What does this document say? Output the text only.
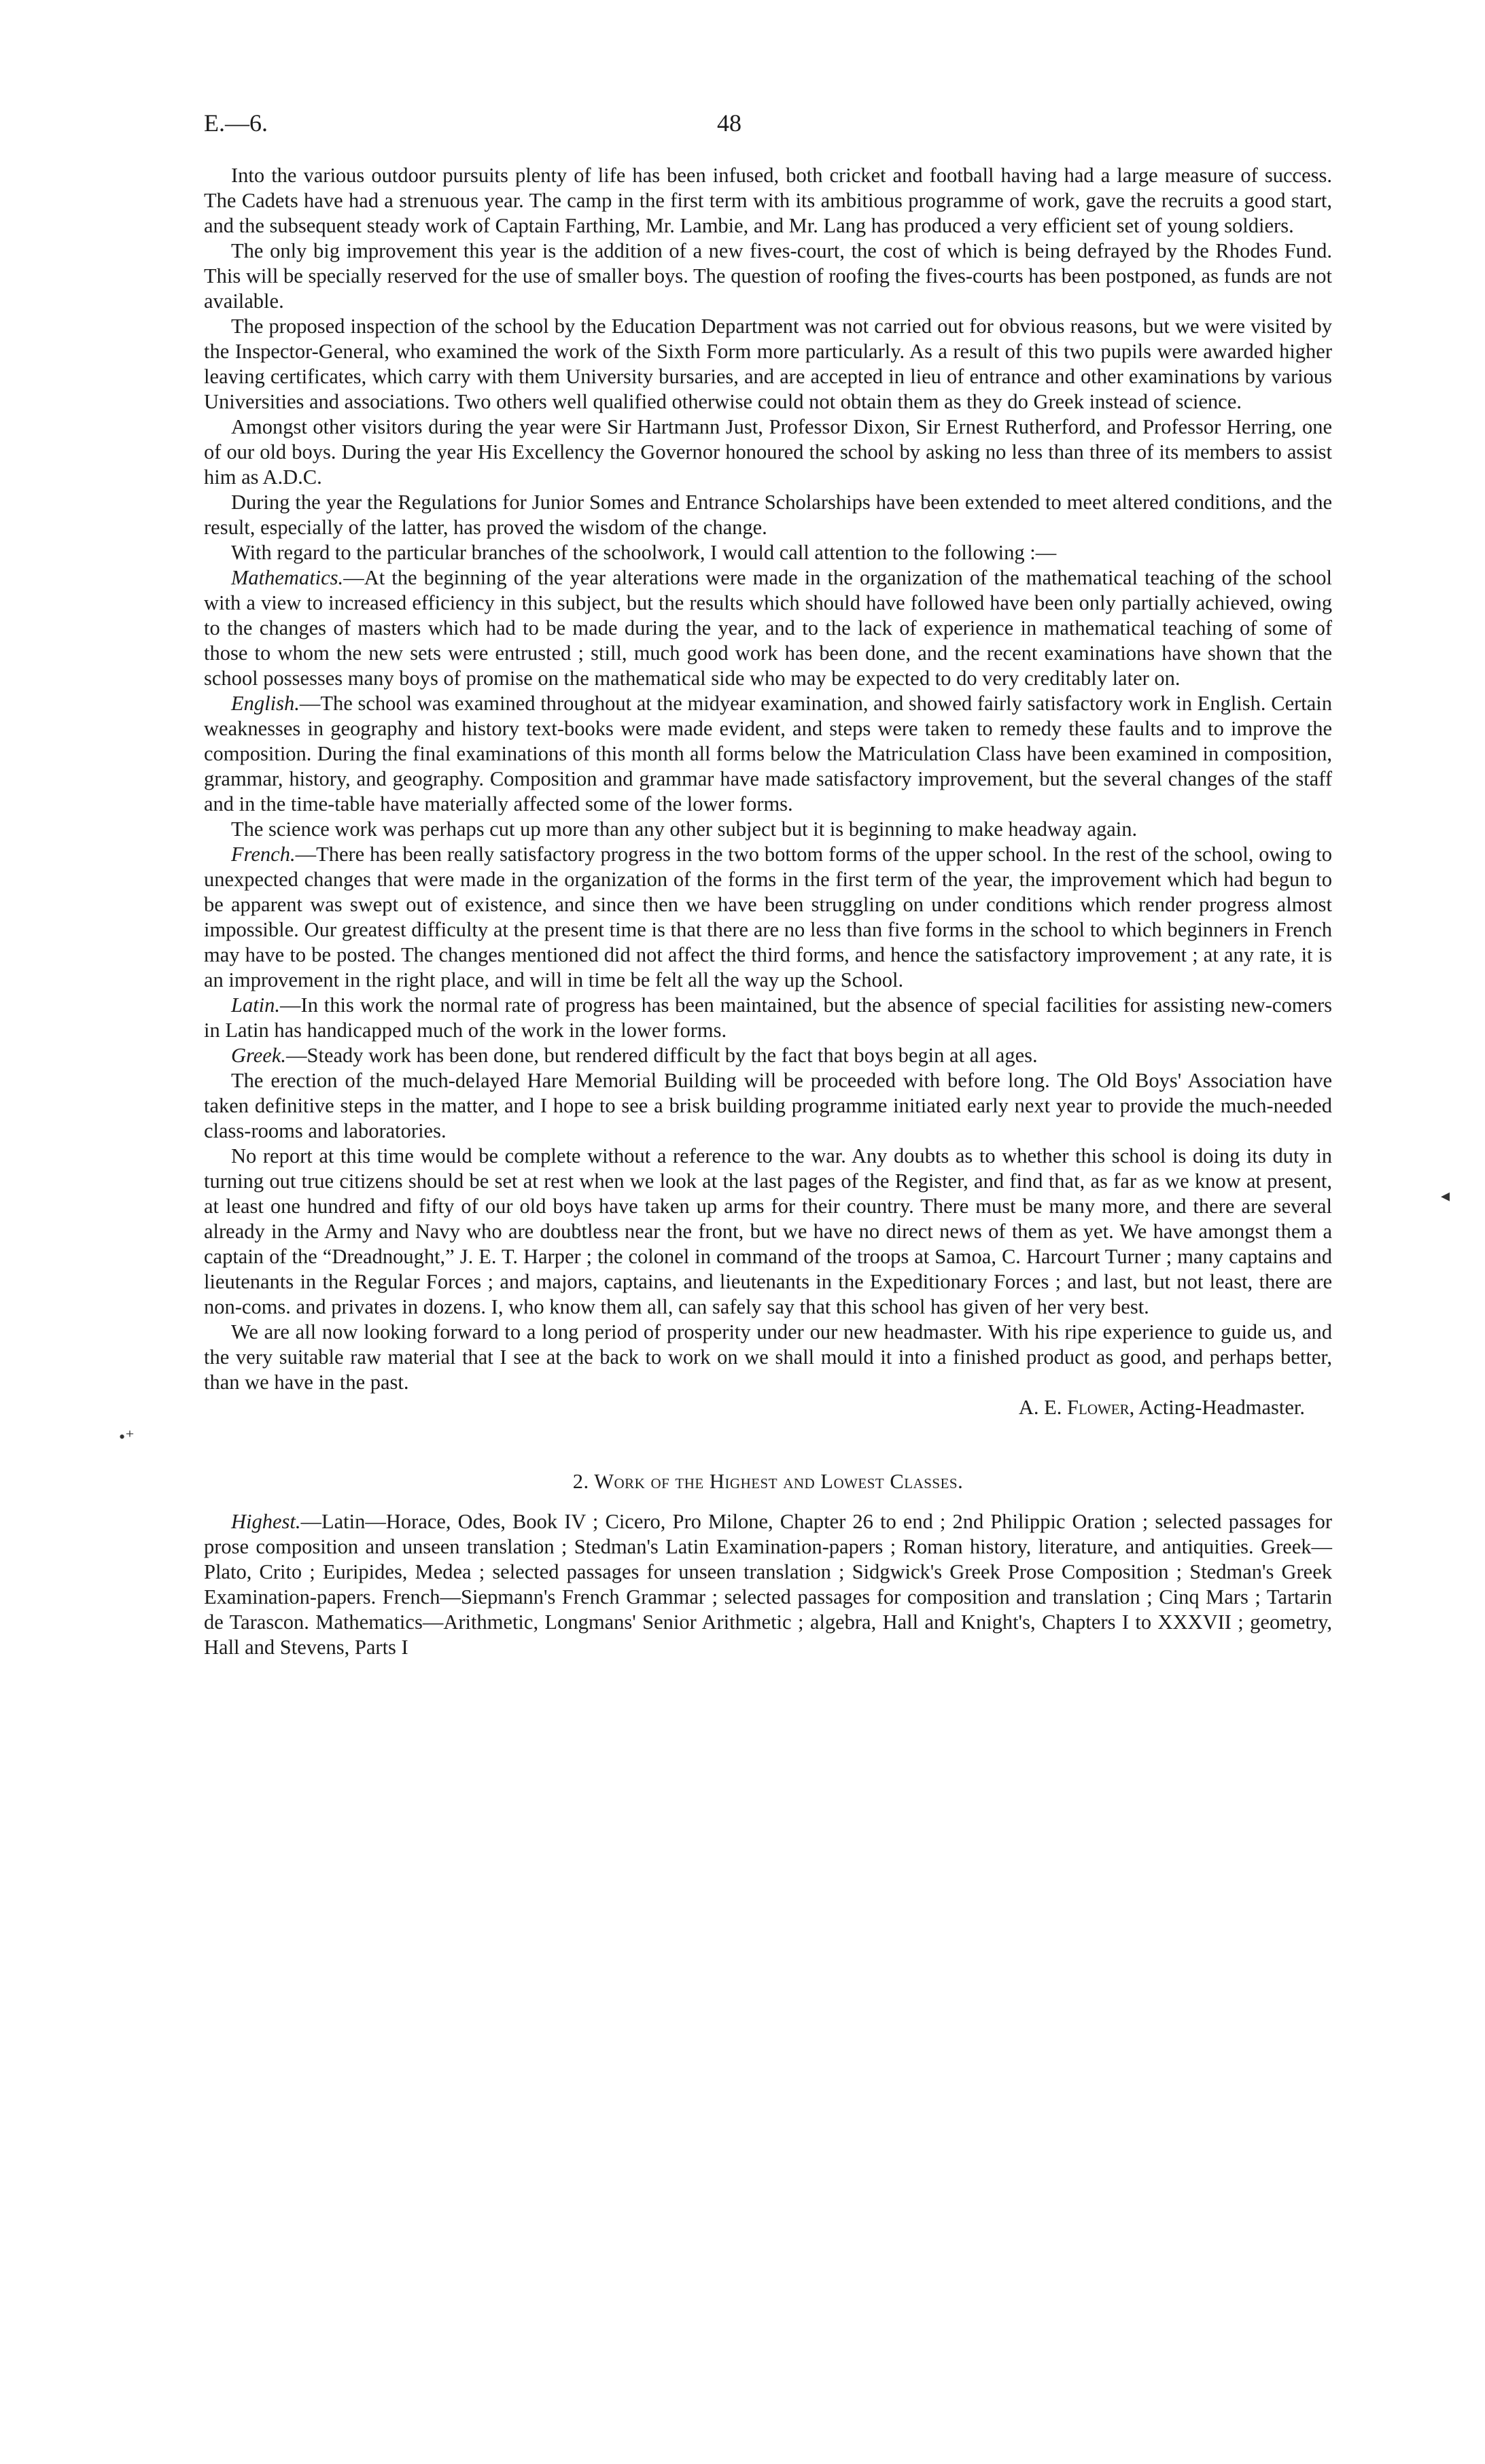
E.—6.	48

Into the various outdoor pursuits plenty of life has been infused, both cricket and football having had a large measure of success. The Cadets have had a strenuous year. The camp in the first term with its ambitious programme of work, gave the recruits a good start, and the subsequent steady work of Captain Farthing, Mr. Lambie, and Mr. Lang has produced a very efficient set of young soldiers.

The only big improvement this year is the addition of a new fives-court, the cost of which is being defrayed by the Rhodes Fund. This will be specially reserved for the use of smaller boys. The question of roofing the fives-courts has been postponed, as funds are not available.

The proposed inspection of the school by the Education Department was not carried out for obvious reasons, but we were visited by the Inspector-General, who examined the work of the Sixth Form more particularly. As a result of this two pupils were awarded higher leaving certificates, which carry with them University bursaries, and are accepted in lieu of entrance and other examinations by various Universities and associations. Two others well qualified otherwise could not obtain them as they do Greek instead of science.

Amongst other visitors during the year were Sir Hartmann Just, Professor Dixon, Sir Ernest Rutherford, and Professor Herring, one of our old boys. During the year His Excellency the Governor honoured the school by asking no less than three of its members to assist him as A.D.C.

During the year the Regulations for Junior Somes and Entrance Scholarships have been extended to meet altered conditions, and the result, especially of the latter, has proved the wisdom of the change.

With regard to the particular branches of the schoolwork, I would call attention to the following :—

Mathematics.—At the beginning of the year alterations were made in the organization of the mathematical teaching of the school with a view to increased efficiency in this subject, but the results which should have followed have been only partially achieved, owing to the changes of masters which had to be made during the year, and to the lack of experience in mathematical teaching of some of those to whom the new sets were entrusted ; still, much good work has been done, and the recent examinations have shown that the school possesses many boys of promise on the mathematical side who may be expected to do very creditably later on.

English.—The school was examined throughout at the midyear examination, and showed fairly satisfactory work in English. Certain weaknesses in geography and history text-books were made evident, and steps were taken to remedy these faults and to improve the composition. During the final examinations of this month all forms below the Matriculation Class have been examined in composition, grammar, history, and geography. Composition and grammar have made satisfactory improvement, but the several changes of the staff and in the time-table have materially affected some of the lower forms.

The science work was perhaps cut up more than any other subject but it is beginning to make headway again.

French.—There has been really satisfactory progress in the two bottom forms of the upper school. In the rest of the school, owing to unexpected changes that were made in the organization of the forms in the first term of the year, the improvement which had begun to be apparent was swept out of existence, and since then we have been struggling on under conditions which render progress almost impossible. Our greatest difficulty at the present time is that there are no less than five forms in the school to which beginners in French may have to be posted. The changes mentioned did not affect the third forms, and hence the satisfactory improvement ; at any rate, it is an improvement in the right place, and will in time be felt all the way up the School.

Latin.—In this work the normal rate of progress has been maintained, but the absence of special facilities for assisting new-comers in Latin has handicapped much of the work in the lower forms.

Greek.—Steady work has been done, but rendered difficult by the fact that boys begin at all ages.

The erection of the much-delayed Hare Memorial Building will be proceeded with before long. The Old Boys' Association have taken definitive steps in the matter, and I hope to see a brisk building programme initiated early next year to provide the much-needed class-rooms and laboratories.

No report at this time would be complete without a reference to the war. Any doubts as to whether this school is doing its duty in turning out true citizens should be set at rest when we look at the last pages of the Register, and find that, as far as we know at present, at least one hundred and fifty of our old boys have taken up arms for their country. There must be many more, and there are several already in the Army and Navy who are doubtless near the front, but we have no direct news of them as yet. We have amongst them a captain of the “Dreadnought,” J. E. T. Harper ; the colonel in command of the troops at Samoa, C. Harcourt Turner ; many captains and lieutenants in the Regular Forces ; and majors, captains, and lieutenants in the Expeditionary Forces ; and last, but not least, there are non-coms. and privates in dozens. I, who know them all, can safely say that this school has given of her very best.

We are all now looking forward to a long period of prosperity under our new headmaster. With his ripe experience to guide us, and the very suitable raw material that I see at the back to work on we shall mould it into a finished product as good, and perhaps better, than we have in the past.

A. E. Flower, Acting-Headmaster.
2. Work of the Highest and Lowest Classes.

Highest.—Latin—Horace, Odes, Book IV ; Cicero, Pro Milone, Chapter 26 to end ; 2nd Philippic Oration ; selected passages for prose composition and unseen translation ; Stedman's Latin Examination-papers ; Roman history, literature, and antiquities. Greek—Plato, Crito ; Euripides, Medea ; selected passages for unseen translation ; Sidgwick's Greek Prose Composition ; Stedman's Greek Examination-papers. French—Siepmann's French Grammar ; selected passages for composition and translation ; Cinq Mars ; Tartarin de Tarascon. Mathematics—Arithmetic, Longmans' Senior Arithmetic ; algebra, Hall and Knight's, Chapters I to XXXVII ; geometry, Hall and Stevens, Parts I

◂
•⁺
